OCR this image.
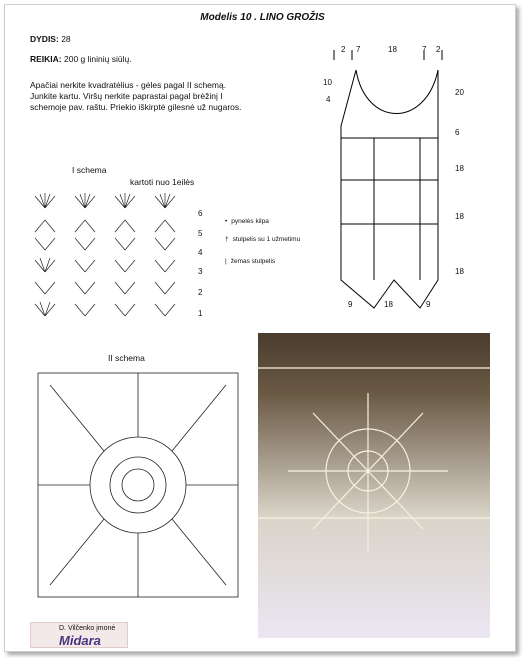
Modelis 10 . LINO GROŽIS
DYDIS: 28
REIKIA: 200 g lininių siūlų.
Apačiai nerkite kvadratėlius - gėles pagal II schemą.
Junkite kartu. Viršų nerkite paprastai pagal brėžinį I
schemoje pav. raštu. Priekio iškirptė gilesnė už nugaros.
I schema
kartoti nuo 1eilės
6
5
4
3
2
1
• pynelės kilpa
† stulpelis su 1 užmetimu
| žemas stulpelis
2 7	18	7 2
10
4
20
6
18
18
18
9	18	9
II schema
D. Vilčenko įmonė
Midara
